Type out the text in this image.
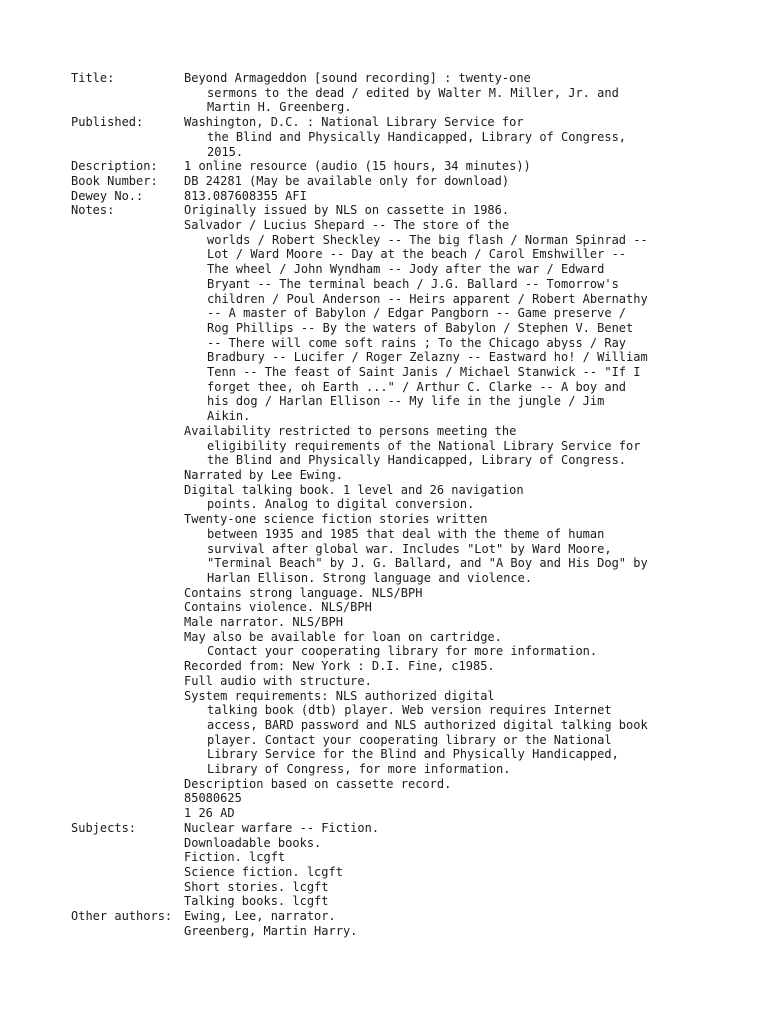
Title:	Beyond Armageddon [sound recording] : twenty-one
sermons to the dead / edited by Walter M. Miller, Jr. and
Martin H. Greenberg.
Published:	Washington, D.C. : National Library Service for
the Blind and Physically Handicapped, Library of Congress,
2015.
Description:	1 online resource (audio (15 hours, 34 minutes))
Book Number:	DB 24281 (May be available only for download)
Dewey No.:	813.087608355 AFI
Notes:	Originally issued by NLS on cassette in 1986.
Salvador / Lucius Shepard -- The store of the
worlds / Robert Sheckley -- The big flash / Norman Spinrad --
Lot / Ward Moore -- Day at the beach / Carol Emshwiller --
The wheel / John Wyndham -- Jody after the war / Edward
Bryant -- The terminal beach / J.G. Ballard -- Tomorrow's
children / Poul Anderson -- Heirs apparent / Robert Abernathy
-- A master of Babylon / Edgar Pangborn -- Game preserve /
Rog Phillips -- By the waters of Babylon / Stephen V. Benet
-- There will come soft rains ; To the Chicago abyss / Ray
Bradbury -- Lucifer / Roger Zelazny -- Eastward ho! / William
Tenn -- The feast of Saint Janis / Michael Stanwick -- "If I
forget thee, oh Earth ..." / Arthur C. Clarke -- A boy and
his dog / Harlan Ellison -- My life in the jungle / Jim
Aikin.
Availability restricted to persons meeting the
eligibility requirements of the National Library Service for
the Blind and Physically Handicapped, Library of Congress.
Narrated by Lee Ewing.
Digital talking book. 1 level and 26 navigation
points. Analog to digital conversion.
Twenty-one science fiction stories written
between 1935 and 1985 that deal with the theme of human
survival after global war. Includes "Lot" by Ward Moore,
"Terminal Beach" by J. G. Ballard, and "A Boy and His Dog" by
Harlan Ellison. Strong language and violence.
Contains strong language. NLS/BPH
Contains violence. NLS/BPH
Male narrator. NLS/BPH
May also be available for loan on cartridge.
Contact your cooperating library for more information.
Recorded from: New York : D.I. Fine, c1985.
Full audio with structure.
System requirements: NLS authorized digital
talking book (dtb) player. Web version requires Internet
access, BARD password and NLS authorized digital talking book
player. Contact your cooperating library or the National
Library Service for the Blind and Physically Handicapped,
Library of Congress, for more information.
Description based on cassette record.
85080625
1 26 AD
Subjects:	Nuclear warfare -- Fiction.
Downloadable books.
Fiction. lcgft
Science fiction. lcgft
Short stories. lcgft
Talking books. lcgft
Other authors: Ewing, Lee, narrator.
Greenberg, Martin Harry.
